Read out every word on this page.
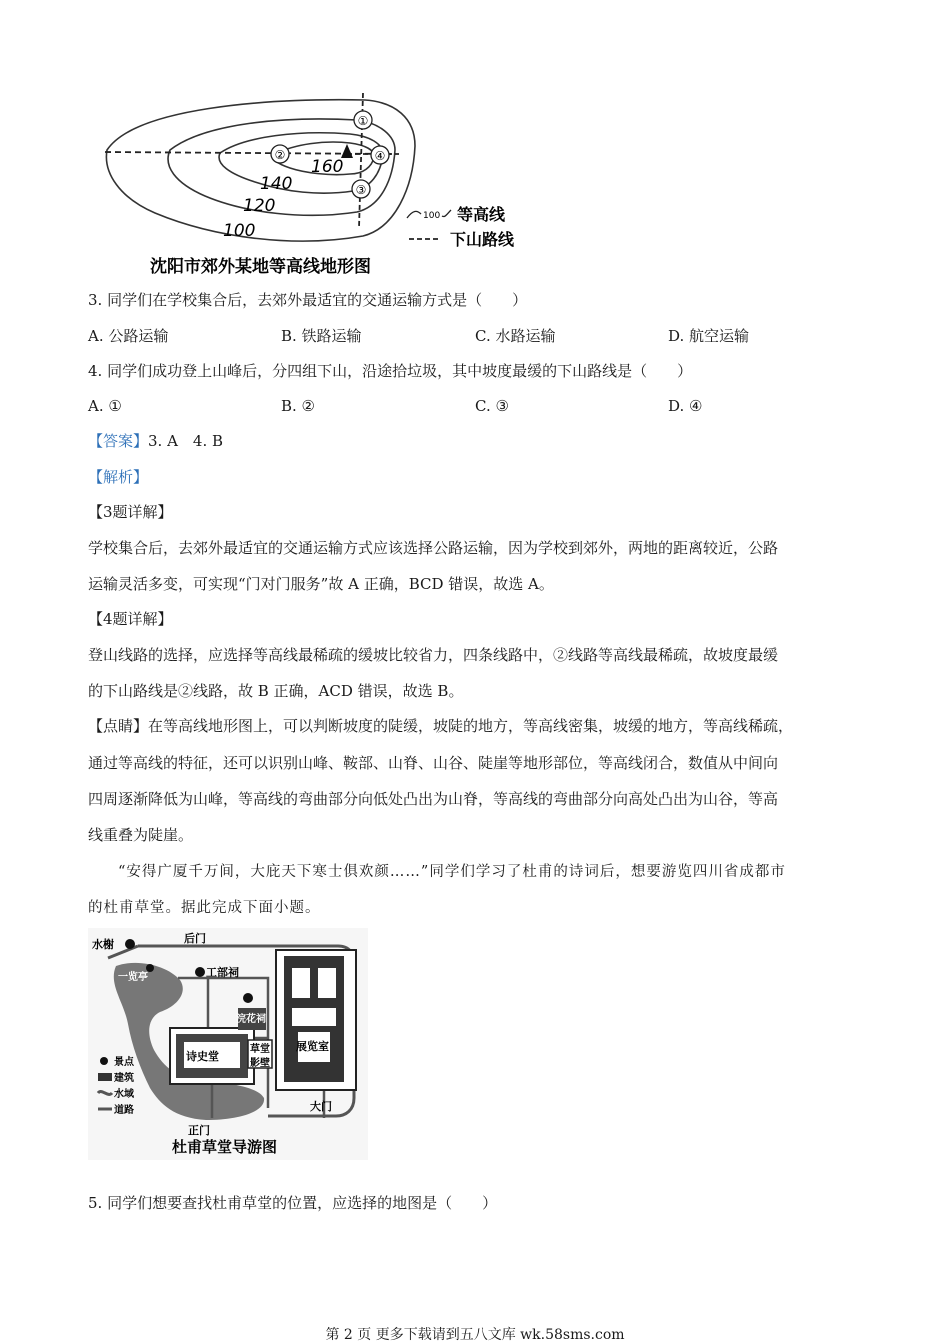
①
②
③
④
100
120
140
160
100 等高线
下山路线
沈阳市郊外某地等高线地形图
3. 同学们在学校集合后，去郊外最适宜的交通运输方式是（　　）
A. 公路运输	B. 铁路运输	C. 水路运输	D. 航空运输
4. 同学们成功登上山峰后，分四组下山，沿途拾垃圾，其中坡度最缓的下山路线是（　　）
A. ①	B. ②	C. ③	D. ④
【答案】3. A　4. B
【解析】
【3题详解】
学校集合后，去郊外最适宜的交通运输方式应该选择公路运输，因为学校到郊外，两地的距离较近，公路
运输灵活多变，可实现“门对门服务”故 A 正确，BCD 错误，故选 A。
【4题详解】
登山线路的选择，应选择等高线最稀疏的缓坡比较省力，四条线路中，②线路等高线最稀疏，故坡度最缓
的下山路线是②线路，故 B 正确，ACD 错误，故选 B。
【点睛】在等高线地形图上，可以判断坡度的陡缓，坡陡的地方，等高线密集，坡缓的地方，等高线稀疏，
通过等高线的特征，还可以识别山峰、鞍部、山脊、山谷、陡崖等地形部位，等高线闭合，数值从中间向
四周逐渐降低为山峰，等高线的弯曲部分向低处凸出为山脊，等高线的弯曲部分向高处凸出为山谷，等高
线重叠为陡崖。
“安得广厦千万间，大庇天下寒士俱欢颜……”同学们学习了杜甫的诗词后，想要游览四川省成都市
的杜甫草堂。据此完成下面小题。
水榭	后门
一览亭	工部祠
浣花祠
诗史堂
草堂
影壁
展览室
正门
大门
景点
建筑
水域
道路
杜甫草堂导游图
5. 同学们想要查找杜甫草堂的位置，应选择的地图是（　　）
第 2 页 更多下载请到五八文库 wk.58sms.com
